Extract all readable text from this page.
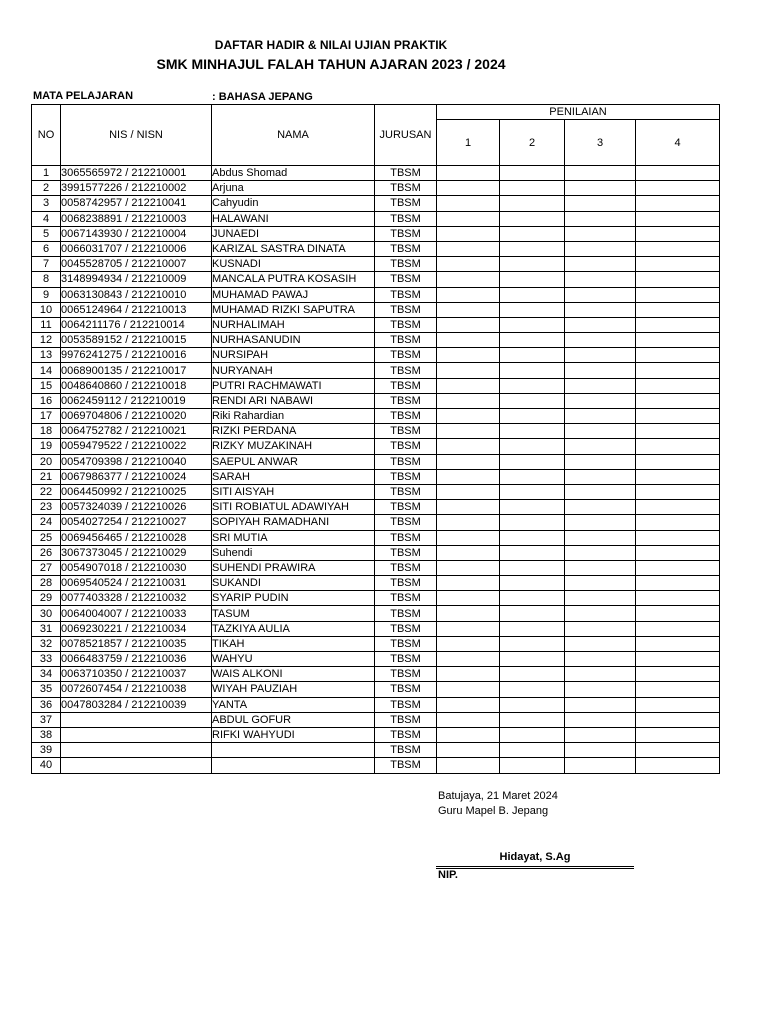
DAFTAR HADIR & NILAI UJIAN PRAKTIK
SMK MINHAJUL FALAH TAHUN AJARAN 2023 / 2024
MATA PELAJARAN	: BAHASA JEPANG
NO	NIS / NISN	NAMA	JURUSAN	PENILAIAN			
				1	2	3	4
1	3065565972 / 212210001	Abdus Shomad	TBSM				
2	3991577226 / 212210002	Arjuna	TBSM				
3	0058742957 / 212210041	Cahyudin	TBSM				
4	0068238891 / 212210003	HALAWANI	TBSM				
5	0067143930 / 212210004	JUNAEDI	TBSM				
6	0066031707 / 212210006	KARIZAL SASTRA DINATA	TBSM				
7	0045528705 / 212210007	KUSNADI	TBSM				
8	3148994934 / 212210009	MANCALA PUTRA KOSASIH	TBSM				
9	0063130843 / 212210010	MUHAMAD PAWAJ	TBSM				
10	0065124964 / 212210013	MUHAMAD RIZKI SAPUTRA	TBSM				
11	0064211176 / 212210014	NURHALIMAH	TBSM				
12	0053589152 / 212210015	NURHASANUDIN	TBSM				
13	9976241275 / 212210016	NURSIPAH	TBSM				
14	0068900135 / 212210017	NURYANAH	TBSM				
15	0048640860 / 212210018	PUTRI RACHMAWATI	TBSM				
16	0062459112 / 212210019	RENDI ARI NABAWI	TBSM				
17	0069704806 / 212210020	Riki Rahardian	TBSM				
18	0064752782 / 212210021	RIZKI PERDANA	TBSM				
19	0059479522 / 212210022	RIZKY MUZAKINAH	TBSM				
20	0054709398 / 212210040	SAEPUL ANWAR	TBSM				
21	0067986377 / 212210024	SARAH	TBSM				
22	0064450992 / 212210025	SITI AISYAH	TBSM				
23	0057324039 / 212210026	SITI ROBIATUL ADAWIYAH	TBSM				
24	0054027254 / 212210027	SOPIYAH RAMADHANI	TBSM				
25	0069456465 / 212210028	SRI MUTIA	TBSM				
26	3067373045 / 212210029	Suhendi	TBSM				
27	0054907018 / 212210030	SUHENDI PRAWIRA	TBSM				
28	0069540524 / 212210031	SUKANDI	TBSM				
29	0077403328 / 212210032	SYARIP PUDIN	TBSM				
30	0064004007 / 212210033	TASUM	TBSM				
31	0069230221 / 212210034	TAZKIYA AULIA	TBSM				
32	0078521857 / 212210035	TIKAH	TBSM				
33	0066483759 / 212210036	WAHYU	TBSM				
34	0063710350 / 212210037	WAIS ALKONI	TBSM				
35	0072607454 / 212210038	WIYAH PAUZIAH	TBSM				
36	0047803284 / 212210039	YANTA	TBSM				
37		ABDUL GOFUR	TBSM				
38		RIFKI WAHYUDI	TBSM				
39			TBSM				
40			TBSM				
Batujaya, 21 Maret 2024
Guru Mapel B. Jepang
Hidayat, S.Ag
NIP.
